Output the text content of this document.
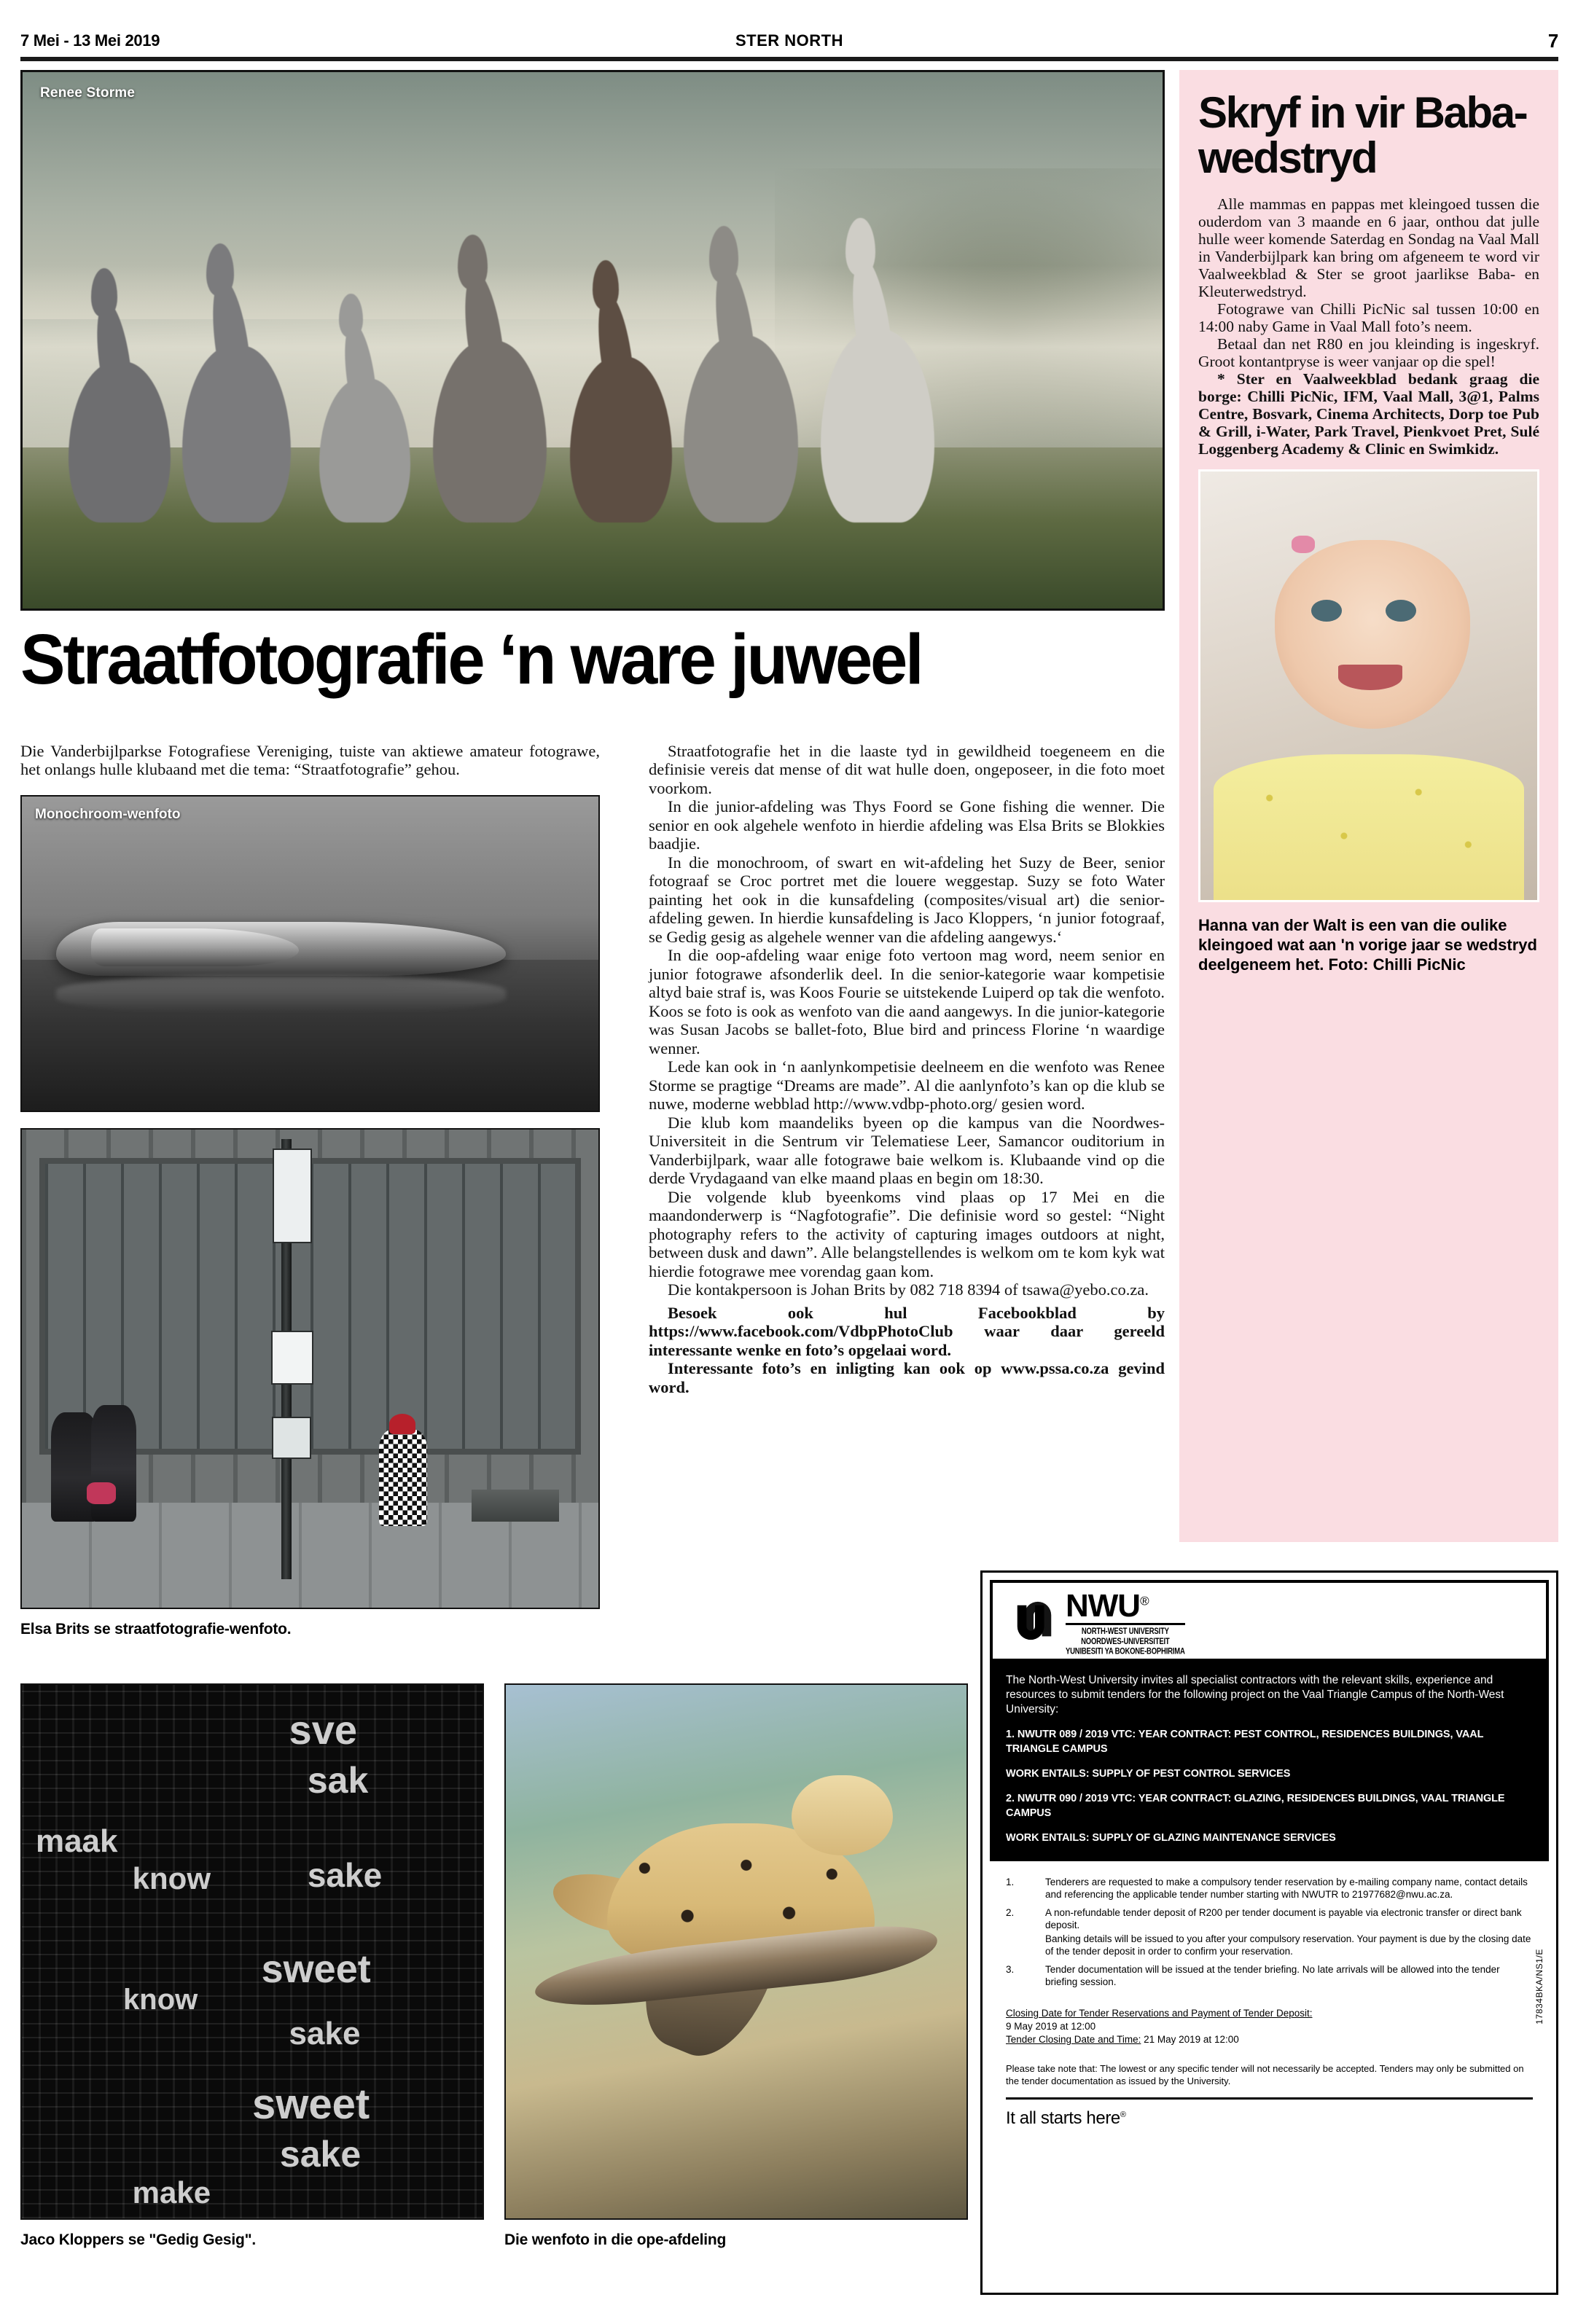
7 Mei - 13 Mei 2019	STER NORTH	7
Renee Storme
Straatfotografie ‘n ware juweel

Die Vanderbijlparkse Fotografiese Vereniging, tuiste van aktiewe amateur fotograwe, het onlangs hulle klubaand met die tema: “Straatfotografie” gehou.

Monochroom-wenfoto
Elsa Brits se straatfotografie-wenfoto.

Straatfotografie het in die laaste tyd in gewildheid toegeneem en die definisie vereis dat mense of dit wat hulle doen, ongeposeer, in die foto moet voorkom.

In die junior-afdeling was Thys Foord se Gone fishing die wenner. Die senior en ook algehele wenfoto in hierdie afdeling was Elsa Brits se Blokkies baadjie.

In die monochroom, of swart en wit-afdeling het Suzy de Beer, senior fotograaf se Croc portret met die louere weggestap. Suzy se foto Water painting het ook in die kunsafdeling (composites/visual art) die senior-afdeling gewen. In hierdie kunsafdeling is Jaco Kloppers, ‘n junior fotograaf, se Gedig gesig as algehele wenner van die afdeling aangewys.‘

In die oop-afdeling waar enige foto vertoon mag word, neem senior en junior fotograwe afsonderlik deel. In die senior-kategorie waar kompetisie altyd baie straf is, was Koos Fourie se uitstekende Luiperd op tak die wenfoto. Koos se foto is ook as wenfoto van die aand aangewys. In die junior-kategorie was Susan Jacobs se ballet-foto, Blue bird and princess Florine ‘n waardige wenner.

Lede kan ook in ‘n aanlynkompetisie deelneem en die wenfoto was Renee Storme se pragtige “Dreams are made”. Al die aanlynfoto’s kan op die klub se nuwe, moderne webblad http://www.vdbp-photo.org/ gesien word.

Die klub kom maandeliks byeen op die kampus van die Noordwes-Universiteit in die Sentrum vir Telematiese Leer, Samancor ouditorium in Vanderbijlpark, waar alle fotograwe baie welkom is. Klubaande vind op die derde Vrydagaand van elke maand plaas en begin om 18:30.

Die volgende klub byeenkoms vind plaas op 17 Mei en die maandonderwerp is “Nagfotografie”. Die definisie word so gestel: “Night photography refers to the activity of capturing images outdoors at night, between dusk and dawn”. Alle belangstellendes is welkom om te kom kyk wat hierdie fotograwe mee vorendag gaan kom.

Die kontakpersoon is Johan Brits by 082 718 8394 of tsawa@yebo.co.za.

Besoek ook hul Facebookblad by https://www.facebook.com/VdbpPhotoClub waar daar gereeld interessante wenke en foto’s opgelaai word.

Interessante foto’s en inligting kan ook op www.pssa.co.za gevind word.

sve
sak
maak
know	sake
sweet
know
sake
sweet
sake
make
Jaco Kloppers se "Gedig Gesig".	Die wenfoto in die ope-afdeling
Skryf in vir Baba-wedstryd

Alle mammas en pappas met kleingoed tussen die ouderdom van 3 maande en 6 jaar, onthou dat julle hulle weer komende Saterdag en Sondag na Vaal Mall in Vanderbijlpark kan bring om afgeneem te word vir Vaalweekblad & Ster se groot jaarlikse Baba- en Kleuterwedstryd.

Fotograwe van Chilli PicNic sal tussen 10:00 en 14:00 naby Game in Vaal Mall foto’s neem.

Betaal dan net R80 en jou kleinding is ingeskryf. Groot kontantpryse is weer vanjaar op die spel!

* Ster en Vaalweekblad bedank graag die borge: Chilli PicNic, IFM, Vaal Mall, 3@1, Palms Centre, Bosvark, Cinema Architects, Dorp toe Pub & Grill, i-Water, Park Travel, Pienkvoet Pret, Sulé Loggenberg Academy & Clinic en Swimkidz.

Hanna van der Walt is een van die oulike kleingoed wat aan 'n vorige jaar se wedstryd deelgeneem het. Foto: Chilli PicNic
NWU®
NORTH-WEST UNIVERSITY
NOORDWES-UNIVERSITEIT
YUNIBESITI YA BOKONE-BOPHIRIMA

The North-West University invites all specialist contractors with the relevant skills, experience and resources to submit tenders for the following project on the Vaal Triangle Campus of the North-West University:

1. NWUTR 089 / 2019 VTC: YEAR CONTRACT: PEST CONTROL, RESIDENCES BUILDINGS, VAAL TRIANGLE CAMPUS

WORK ENTAILS: SUPPLY OF PEST CONTROL SERVICES

2. NWUTR 090 / 2019 VTC: YEAR CONTRACT: GLAZING, RESIDENCES BUILDINGS, VAAL TRIANGLE CAMPUS

WORK ENTAILS: SUPPLY OF GLAZING MAINTENANCE SERVICES

17834BKA/NS1/E
1.	Tenderers are requested to make a compulsory tender reservation by e-mailing company name, contact details and referencing the applicable tender number starting with NWUTR to 21977682@nwu.ac.za.
2.	A non-refundable tender deposit of R200 per tender document is payable via electronic transfer or direct bank deposit.
Banking details will be issued to you after your compulsory reservation. Your payment is due by the closing date of the tender deposit in order to confirm your reservation.
3.	Tender documentation will be issued at the tender briefing. No late arrivals will be allowed into the tender briefing session.
Closing Date for Tender Reservations and Payment of Tender Deposit:
9 May 2019 at 12:00
Tender Closing Date and Time: 21 May 2019 at 12:00
Please take note that: The lowest or any specific tender will not necessarily be accepted. Tenders may only be submitted on the tender documentation as issued by the University.
It all starts here®
